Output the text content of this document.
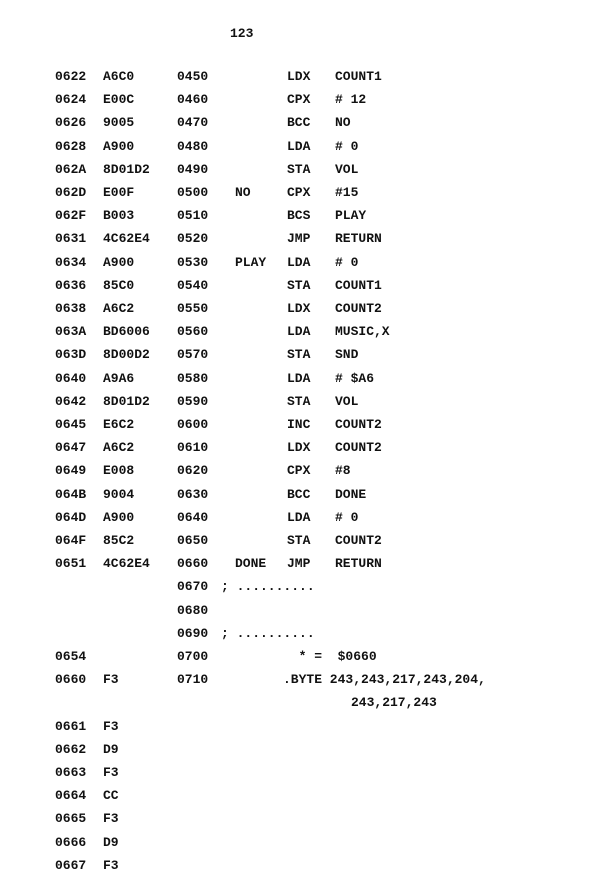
123
0622 A6C0	0450	LDX COUNT1
0624 E00C	0460	CPX # 12
0626 9005	0470	BCC NO
0628 A900	0480	LDA # 0
062A 8D01D2 0490	STA VOL
062D E00F	0500 NO	CPX #15
062F B003	0510	BCS PLAY
0631 4C62E4 0520	JMP RETURN
0634 A900	0530 PLAY LDA # 0
0636 85C0	0540	STA COUNT1
0638 A6C2	0550	LDX COUNT2
063A BD6006 0560	LDA MUSIC,X
063D 8D00D2 0570	STA SND
0640 A9A6	0580	LDA # $A6
0642 8D01D2 0590	STA VOL
0645 E6C2	0600	INC COUNT2
0647 A6C2	0610	LDX COUNT2
0649 E008	0620	CPX #8
064B 9004	0630	BCC DONE
064D A900	0640	LDA # 0
064F 85C2	0650	STA COUNT2
0651 4C62E4 0660 DONE JMP RETURN
0670 ; ..........
0680
0690 ; ..........
0654	0700	* =  $0660
0660 F3	0710	.BYTE 243,243,217,243,204,
243,217,243
0661 F3
0662 D9
0663 F3
0664 CC
0665 F3
0666 D9
0667 F3
